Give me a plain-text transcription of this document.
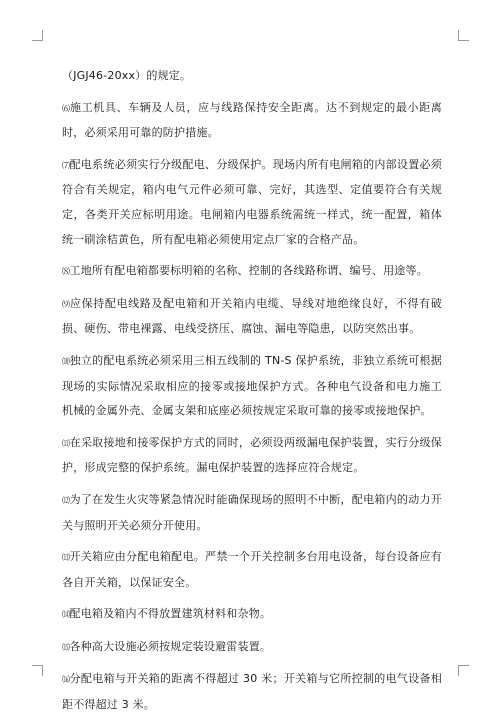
（JGJ46-20xx）的规定。

⑹施工机具、车辆及人员，应与线路保持安全距离。达不到规定的最小距离时，必须采用可靠的防护措施。

⑺配电系统必须实行分级配电、分级保护。现场内所有电闸箱的内部设置必须符合有关规定，箱内电气元件必须可靠、完好，其选型、定值要符合有关规定，各类开关应标明用途。电闸箱内电器系统需统一样式，统一配置，箱体统一刷涂桔黄色，所有配电箱必须使用定点厂家的合格产品。

⑻工地所有配电箱都要标明箱的名称、控制的各线路称谓、编号、用途等。

⑼应保持配电线路及配电箱和开关箱内电缆、导线对地绝缘良好，不得有破损、硬伤、带电裸露、电线受挤压、腐蚀、漏电等隐患，以防突然出事。

⑽独立的配电系统必须采用三相五线制的 TN-S 保护系统，非独立系统可根据现场的实际情况采取相应的接零或接地保护方式。各种电气设备和电力施工机械的金属外壳、金属支架和底座必须按规定采取可靠的接零或接地保护。

⑾在采取接地和接零保护方式的同时，必须设两级漏电保护装置，实行分级保护，形成完整的保护系统。漏电保护装置的选择应符合规定。

⑿为了在发生火灾等紧急情况时能确保现场的照明不中断，配电箱内的动力开关与照明开关必须分开使用。

⒀开关箱应由分配电箱配电。严禁一个开关控制多台用电设备，每台设备应有各自开关箱，以保证安全。

⒁配电箱及箱内不得放置建筑材料和杂物。

⒂各种高大设施必须按规定装设避雷装置。

⒃分配电箱与开关箱的距离不得超过 30 米；开关箱与它所控制的电气设备相距不得超过 3 米。
